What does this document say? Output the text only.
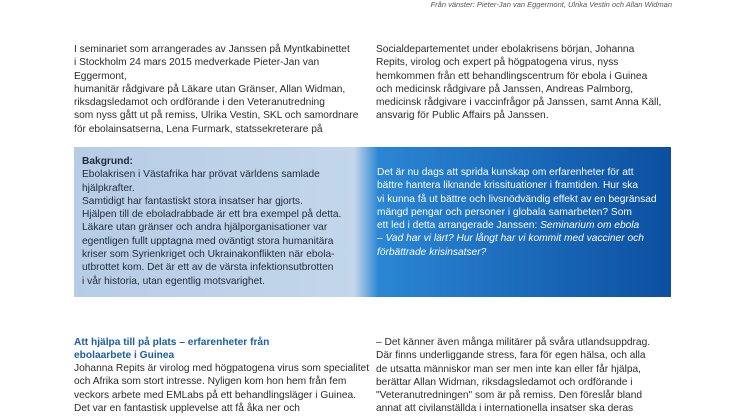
Från vänster: Pieter-Jan van Eggermont, Ulrika Vestin och Allan Widman

I seminariet som arrangerades av Janssen på Myntkabinettet
i Stockholm 24 mars 2015 medverkade Pieter-Jan van Eggermont,
humanitär rådgivare på Läkare utan Gränser, Allan Widman,
riksdagsledamot och ordförande i den Veteranutredning
som nyss gått ut på remiss, Ulrika Vestin, SKL och samordnare
för ebolainsatserna, Lena Furmark, statssekreterare på

Socialdepartementet under ebolakrisens början, Johanna
Repits, virolog och expert på högpatogena virus, nyss
hemkommen från ett behandlingscentrum för ebola i Guinea
och medicinsk rådgivare på Janssen, Andreas Palmborg,
medicinsk rådgivare i vaccinfrågor på Janssen, samt Anna Käll,
ansvarig för Public Affairs på Janssen.

Bakgrund:
Ebolakrisen i Västafrika har prövat världens samlade
hjälpkrafter.
Samtidigt har fantastiskt stora insatser har gjorts.
Hjälpen till de eboladrabbade är ett bra exempel på detta.
Läkare utan gränser och andra hjälporganisationer var
egentligen fullt upptagna med oväntigt stora humanitära
kriser som Syrienkriget och Ukrainakonflikten när ebola-
utbrottet kom. Det är ett av de värsta infektionsutbrotten
i vår historia, utan egentlig motsvarighet.
Det är nu dags att sprida kunskap om erfarenheter för att
bättre hantera liknande krissituationer i framtiden. Hur ska
vi kunna få ut bättre och livsnödvändig effekt av en begränsad
mängd pengar och personer i globala samarbeten? Som
ett led i detta arrangerade Janssen: Seminarium om ebola
– Vad har vi lärt? Hur långt har vi kommit med vacciner och
förbättrade krisinsatser?
Att hjälpa till på plats – erfarenheter från
ebolaarbete i Guinea

Johanna Repits är virolog med högpatogena virus som specialitet
och Afrika som stort intresse. Nyligen kom hon hem från fem
veckors arbete med EMLabs på ett behandlingsläger i Guinea.
Det var en fantastisk upplevelse att få åka ner och

– Det känner även många militärer på svåra utlandsuppdrag.
Där finns underliggande stress, fara för egen hälsa, och alla
de utsatta människor man ser men inte kan eller får hjälpa,
berättar Allan Widman, riksdagsledamot och ordförande i
"Veteranutredningen" som är på remiss. Den föreslår bland
annat att civilanställda i internationella insatser ska deras
